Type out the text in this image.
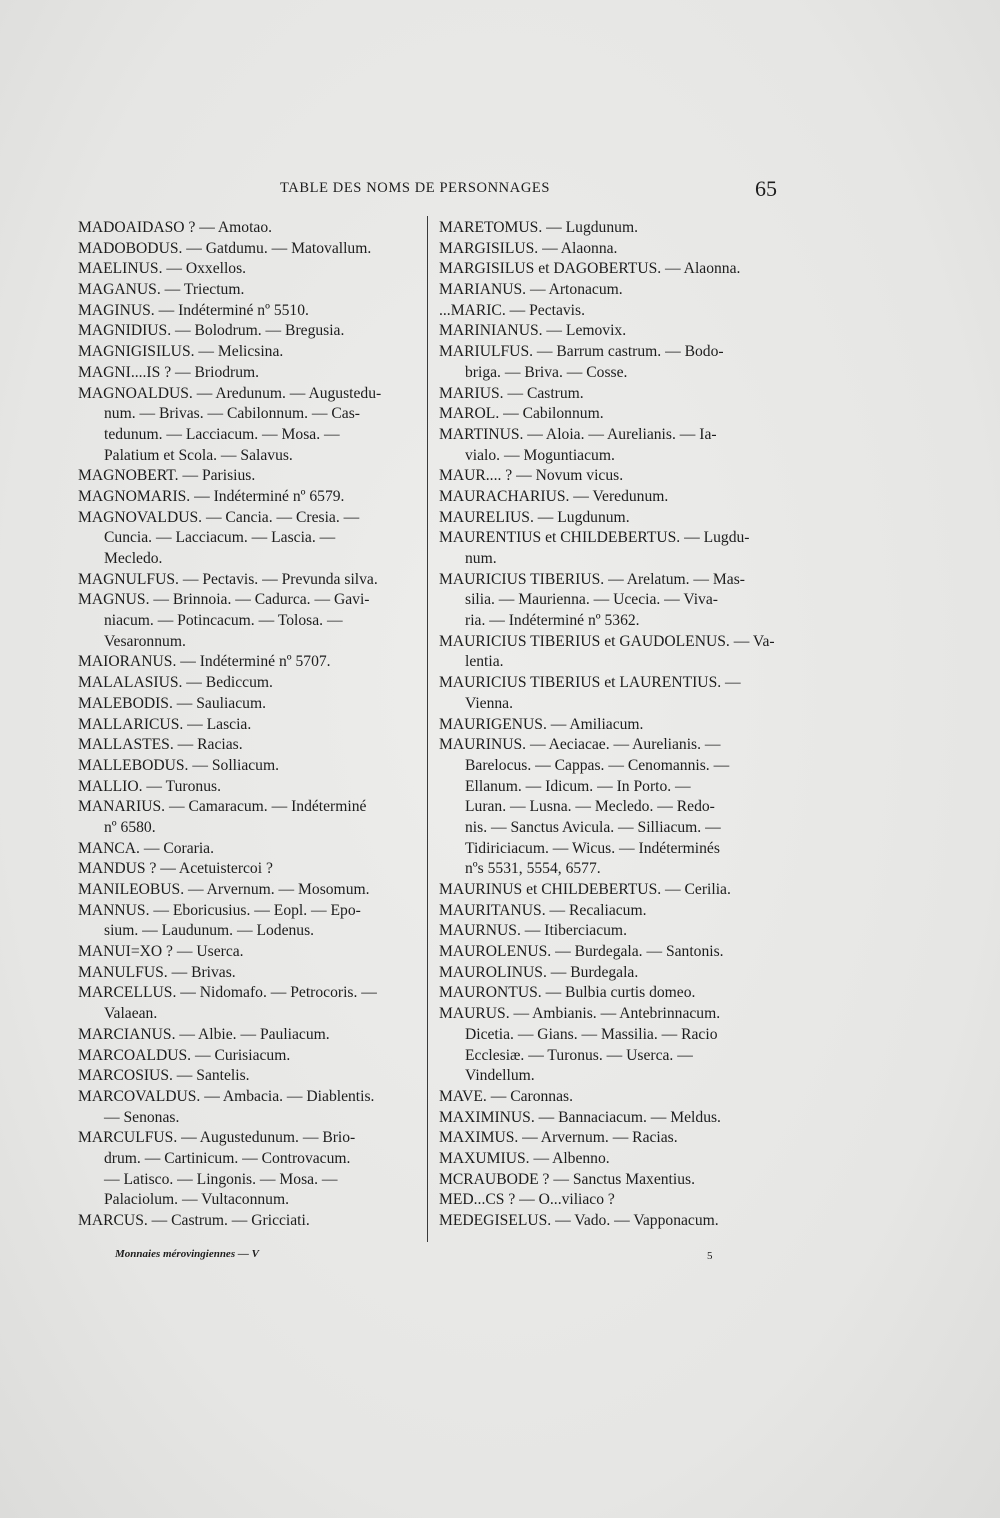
TABLE DES NOMS DE PERSONNAGES	65
MADOAIDASO ? — Amotao.
MADOBODUS. — Gatdumu. — Matovallum.
MAELINUS. — Oxxellos.
MAGANUS. — Triectum.
MAGINUS. — Indéterminé nº 5510.
MAGNIDIUS. — Bolodrum. — Bregusia.
MAGNIGISILUS. — Melicsina.
MAGNI....IS ? — Briodrum.
MAGNOALDUS. — Aredunum. — Augustedu-
num. — Brivas. — Cabilonnum. — Cas-
tedunum. — Lacciacum. — Mosa. —
Palatium et Scola. — Salavus.
MAGNOBERT. — Parisius.
MAGNOMARIS. — Indéterminé nº 6579.
MAGNOVALDUS. — Cancia. — Cresia. —
Cuncia. — Lacciacum. — Lascia. —
Mecledo.
MAGNULFUS. — Pectavis. — Prevunda silva.
MAGNUS. — Brinnoia. — Cadurca. — Gavi-
niacum. — Potincacum. — Tolosa. —
Vesaronnum.
MAIORANUS. — Indéterminé nº 5707.
MALALASIUS. — Bediccum.
MALEBODIS. — Sauliacum.
MALLARICUS. — Lascia.
MALLASTES. — Racias.
MALLEBODUS. — Solliacum.
MALLIO. — Turonus.
MANARIUS. — Camaracum. — Indéterminé
nº 6580.
MANCA. — Coraria.
MANDUS ? — Acetuistercoi ?
MANILEOBUS. — Arvernum. — Mosomum.
MANNUS. — Eboricusius. — Eopl. — Epo-
sium. — Laudunum. — Lodenus.
MANUI=XO ? — Userca.
MANULFUS. — Brivas.
MARCELLUS. — Nidomafo. — Petrocoris. —
Valaean.
MARCIANUS. — Albie. — Pauliacum.
MARCOALDUS. — Curisiacum.
MARCOSIUS. — Santelis.
MARCOVALDUS. — Ambacia. — Diablentis.
— Senonas.
MARCULFUS. — Augustedunum. — Brio-
drum. — Cartinicum. — Controvacum.
— Latisco. — Lingonis. — Mosa. —
Palaciolum. — Vultaconnum.
MARCUS. — Castrum. — Gricciati.
MARETOMUS. — Lugdunum.
MARGISILUS. — Alaonna.
MARGISILUS et DAGOBERTUS. — Alaonna.
MARIANUS. — Artonacum.
...MARIC. — Pectavis.
MARINIANUS. — Lemovix.
MARIULFUS. — Barrum castrum. — Bodo-
briga. — Briva. — Cosse.
MARIUS. — Castrum.
MAROL. — Cabilonnum.
MARTINUS. — Aloia. — Aurelianis. — Ia-
vialo. — Moguntiacum.
MAUR.... ? — Novum vicus.
MAURACHARIUS. — Veredunum.
MAURELIUS. — Lugdunum.
MAURENTIUS et CHILDEBERTUS. — Lugdu-
num.
MAURICIUS TIBERIUS. — Arelatum. — Mas-
silia. — Maurienna. — Ucecia. — Viva-
ria. — Indéterminé nº 5362.
MAURICIUS TIBERIUS et GAUDOLENUS. — Va-
lentia.
MAURICIUS TIBERIUS et LAURENTIUS. —
Vienna.
MAURIGENUS. — Amiliacum.
MAURINUS. — Aeciacae. — Aurelianis. —
Barelocus. — Cappas. — Cenomannis. —
Ellanum. — Idicum. — In Porto. —
Luran. — Lusna. — Mecledo. — Redo-
nis. — Sanctus Avicula. — Silliacum. —
Tidiriciacum. — Wicus. — Indéterminés
nºs 5531, 5554, 6577.
MAURINUS et CHILDEBERTUS. — Cerilia.
MAURITANUS. — Recaliacum.
MAURNUS. — Itiberciacum.
MAUROLENUS. — Burdegala. — Santonis.
MAUROLINUS. — Burdegala.
MAURONTUS. — Bulbia curtis domeo.
MAURUS. — Ambianis. — Antebrinnacum.
Dicetia. — Gians. — Massilia. — Racio
Ecclesiæ. — Turonus. — Userca. —
Vindellum.
MAVE. — Caronnas.
MAXIMINUS. — Bannaciacum. — Meldus.
MAXIMUS. — Arvernum. — Racias.
MAXUMIUS. — Albenno.
MCRAUBODE ? — Sanctus Maxentius.
MED...CS ? — O...viliaco ?
MEDEGISELUS. — Vado. — Vapponacum.
Monnaies mérovingiennes — V	5
